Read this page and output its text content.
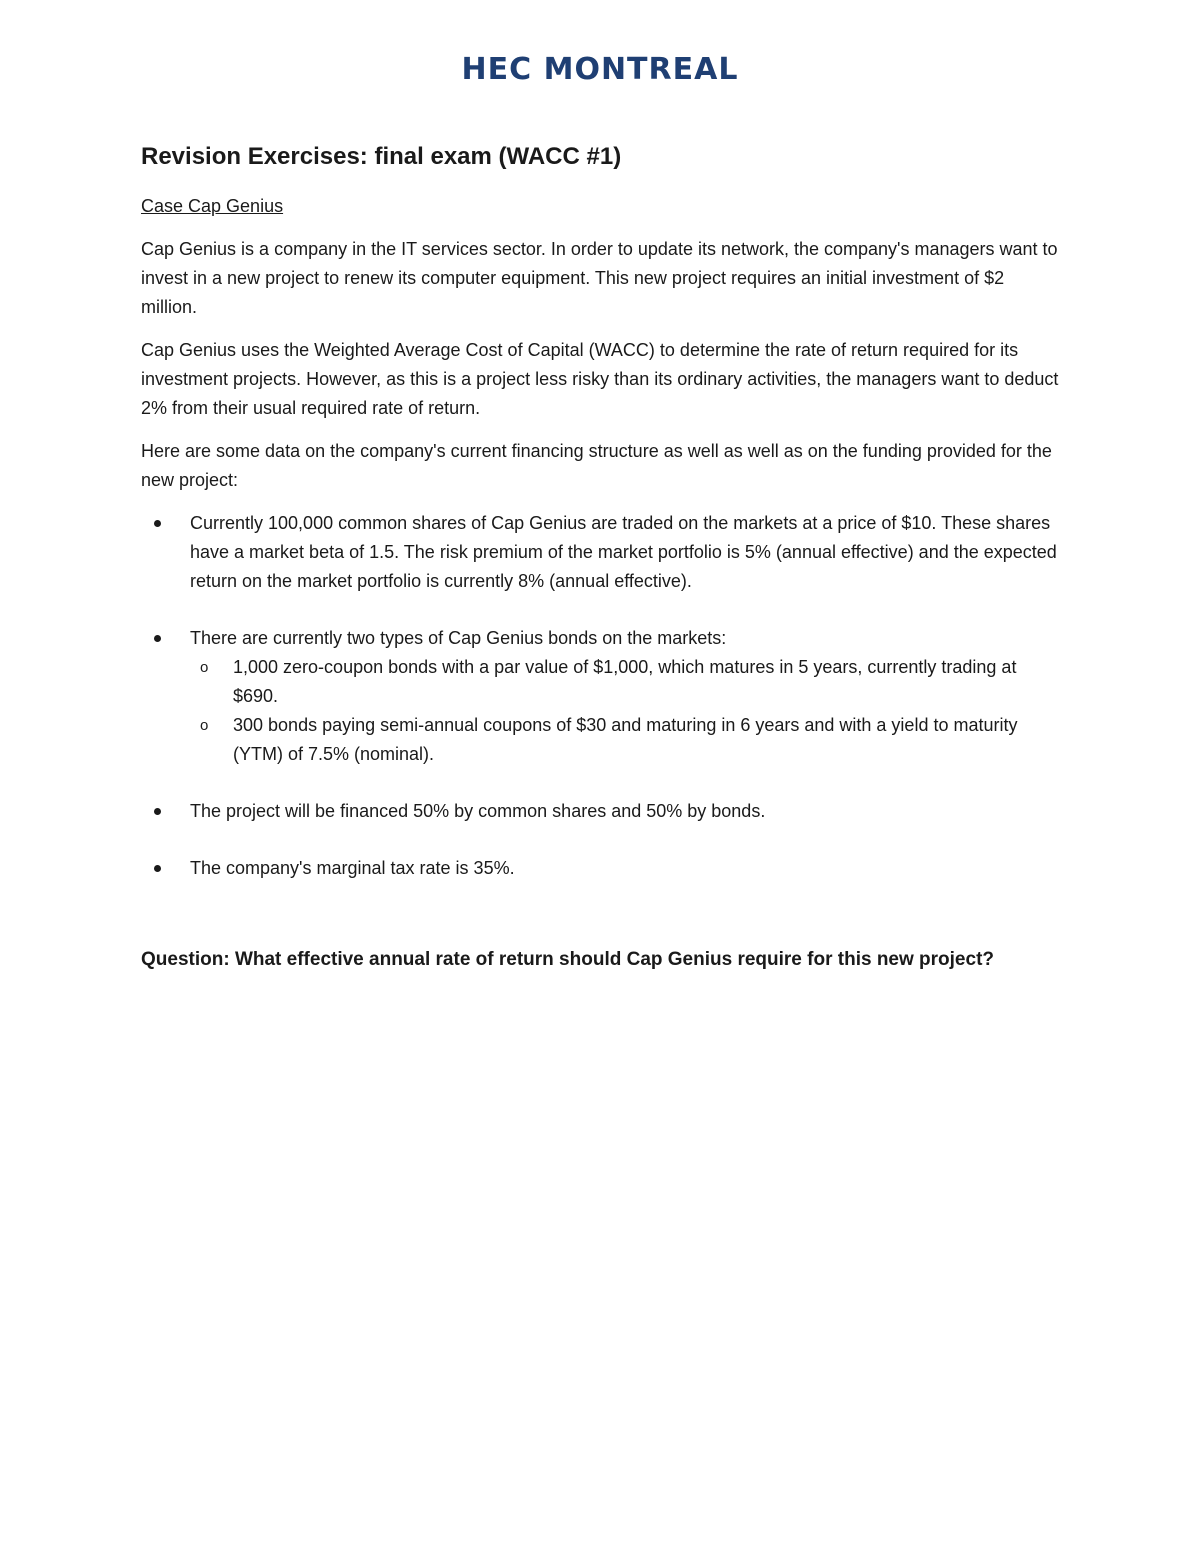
HEC MONTREAL
Revision Exercises: final exam (WACC #1)
Case Cap Genius

Cap Genius is a company in the IT services sector. In order to update its network, the company's managers want to invest in a new project to renew its computer equipment. This new project requires an initial investment of $2 million.

Cap Genius uses the Weighted Average Cost of Capital (WACC) to determine the rate of return required for its investment projects. However, as this is a project less risky than its ordinary activities, the managers want to deduct 2% from their usual required rate of return.

Here are some data on the company's current financing structure as well as well as on the funding provided for the new project:

Currently 100,000 common shares of Cap Genius are traded on the markets at a price of $10. These shares have a market beta of 1.5. The risk premium of the market portfolio is 5% (annual effective) and the expected return on the market portfolio is currently 8% (annual effective).
There are currently two types of Cap Genius bonds on the markets:
o 1,000 zero-coupon bonds with a par value of $1,000, which matures in 5 years, currently trading at $690.
o 300 bonds paying semi-annual coupons of $30 and maturing in 6 years and with a yield to maturity (YTM) of 7.5% (nominal).
The project will be financed 50% by common shares and 50% by bonds.
The company's marginal tax rate is 35%.
Question: What effective annual rate of return should Cap Genius require for this new project?
